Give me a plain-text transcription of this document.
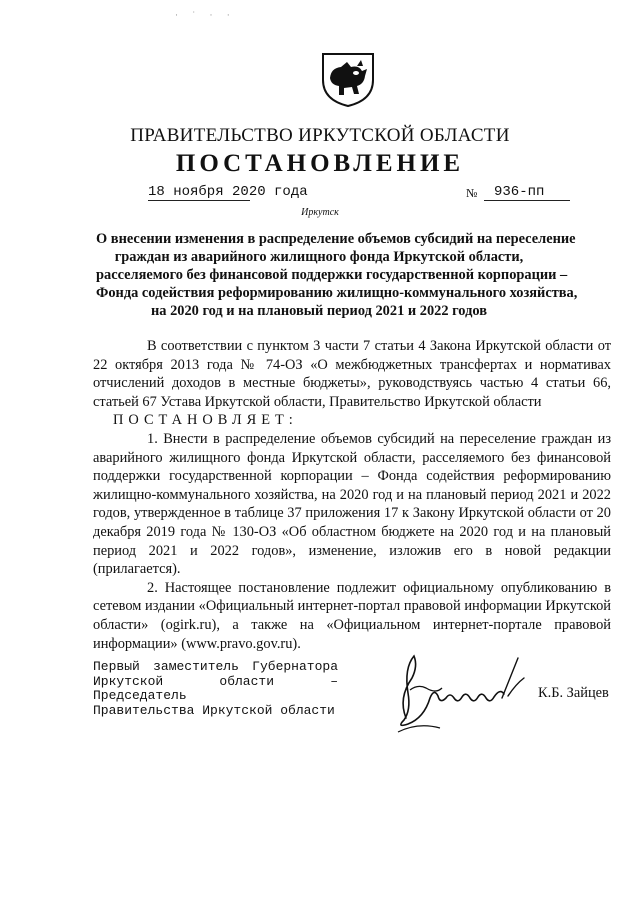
· ˙ · ·
ПРАВИТЕЛЬСТВО ИРКУТСКОЙ ОБЛАСТИ
ПОСТАНОВЛЕНИЕ
18 ноября 2020 года	№	936-пп
Иркутск
О внесении изменения в распределение объемов субсидий на переселение
граждан из аварийного жилищного фонда Иркутской области,
расселяемого без финансовой поддержки государственной корпорации –
Фонда содействия реформированию жилищно-коммунального хозяйства,
на 2020 год и на плановый период 2021 и 2022 годов

В соответствии с пунктом 3 части 7 статьи 4 Закона Иркутской области от 22 октября 2013 года № 74-ОЗ «О межбюджетных трансфертах и нормативах отчислений доходов в местные бюджеты», руководствуясь частью 4 статьи 66, статьей 67 Устава Иркутской области, Правительство Иркутской области

ПОСТАНОВЛЯЕТ:

1. Внести в распределение объемов субсидий на переселение граждан из аварийного жилищного фонда Иркутской области, расселяемого без финансовой поддержки государственной корпорации – Фонда содействия реформированию жилищно-коммунального хозяйства, на 2020 год и на плановый период 2021 и 2022 годов, утвержденное в таблице 37 приложения 17 к Закону Иркутской области от 20 декабря 2019 года № 130-ОЗ «Об областном бюджете на 2020 год и на плановый период 2021 и 2022 годов», изменение, изложив его в новой редакции (прилагается).

2. Настоящее постановление подлежит официальному опубликованию в сетевом издании «Официальный интернет-портал правовой информации Иркутской области» (ogirk.ru), а также на «Официальном интернет-портале правовой информации» (www.pravo.gov.ru).

Первый заместитель Губернатора
Иркутской области – Председатель
Правительства Иркутской области
К.Б. Зайцев
